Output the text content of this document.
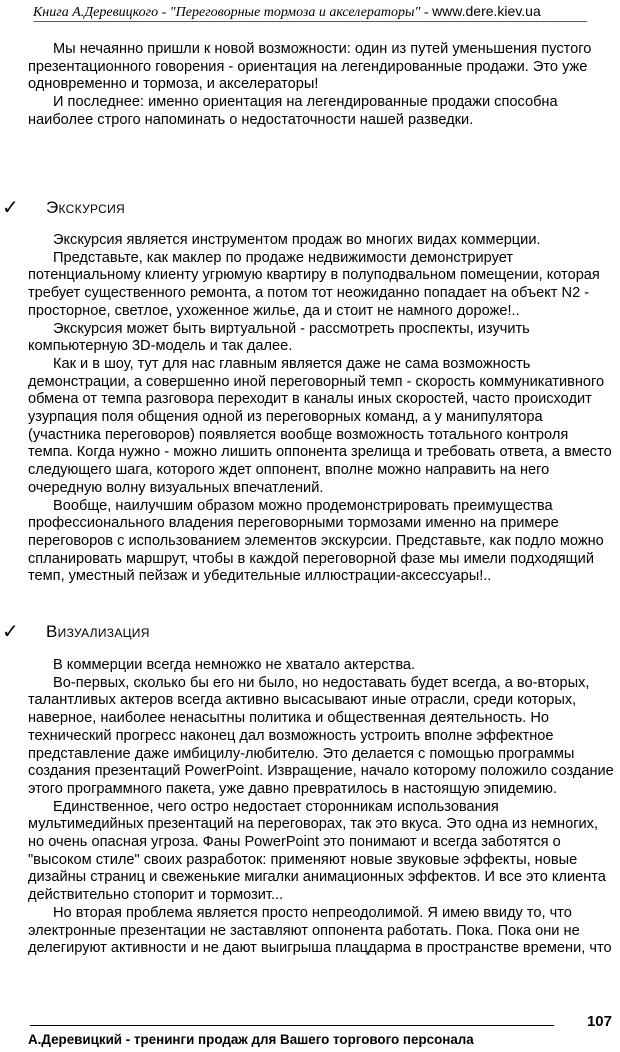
Книга А.Деревицкого - "Переговорные тормоза и акселераторы" - www.dere.kiev.ua
~~~~~~~~~~~~~~~~~~~~~~~~~~~~~~~~~~~~~~~~~~~~~~~~~~~~~~~~~~~~~~~~~~~~~~~~~~~~~~~~~~~~~~~~~~~~~~~~~~~~~~~~~~~~~~~~~~~~~~~~~~~~~~~~~~~~~~~~~~~~~~~~~~~~~~~~~

Мы нечаянно пришли к новой возможности: один из путей уменьшения пустого презентационного говорения - ориентация на легендированные продажи. Это уже одновременно и тормоза, и акселераторы!

И последнее: именно ориентация на легендированные продажи способна наиболее строго напоминать о недостаточности нашей разведки.

✓ Экскурсия

Экскурсия является инструментом продаж во многих видах коммерции.

Представьте, как маклер по продаже недвижимости демонстрирует потенциальному клиенту угрюмую квартиру в полуподвальном помещении, которая требует существенного ремонта, а потом тот неожиданно попадает на объект N2 - просторное, светлое, ухоженное жилье, да и стоит не намного дороже!..

Экскурсия может быть виртуальной - рассмотреть проспекты, изучить компьютерную 3D-модель и так далее.

Как и в шоу, тут для нас главным является даже не сама возможность демонстрации, а совершенно иной переговорный темп - скорость коммуникативного обмена от темпа разговора переходит в каналы иных скоростей, часто происходит узурпация поля общения одной из переговорных команд, а у манипулятора (участника переговоров) появляется вообще возможность тотального контроля темпа. Когда нужно - можно лишить оппонента зрелища и требовать ответа, а вместо следующего шага, которого ждет оппонент, вполне можно направить на него очередную волну визуальных впечатлений.

Вообще, наилучшим образом можно продемонстрировать преимущества профессионального владения переговорными тормозами именно на примере переговоров с использованием элементов экскурсии. Представьте, как подло можно спланировать маршрут, чтобы в каждой переговорной фазе мы имели подходящий темп, уместный пейзаж и убедительные иллюстрации-аксессуары!..

✓ Визуализация

В коммерции всегда немножко не хватало актерства.

Во-первых, сколько бы его ни было, но недоставать будет всегда, а во-вторых, талантливых актеров всегда активно высасывают иные отрасли, среди которых, наверное, наиболее ненасытны политика и общественная деятельность. Но технический прогресс наконец дал возможность устроить вполне эффектное представление даже имбицилу-любителю. Это делается с помощью программы создания презентаций PowerPoint. Извращение, начало которому положило создание этого программного пакета, уже давно превратилось в настоящую эпидемию.

Единственное, чего остро недостает сторонникам использования мультимедийных презентаций на переговорах, так это вкуса. Это одна из немногих, но очень опасная угроза. Фаны PowerPoint это понимают и всегда заботятся о "высоком стиле" своих разработок: применяют новые звуковые эффекты, новые дизайны страниц и свеженькие мигалки анимационных эффектов. И все это клиента действительно стопорит и тормозит...

Но вторая проблема является просто непреодолимой. Я имею ввиду то, что электронные презентации не заставляют оппонента работать. Пока. Пока они не делегируют активности и не дают выигрыша плацдарма в пространстве времени, что

107
А.Деревицкий - тренинги продаж для Вашего торгового персонала
